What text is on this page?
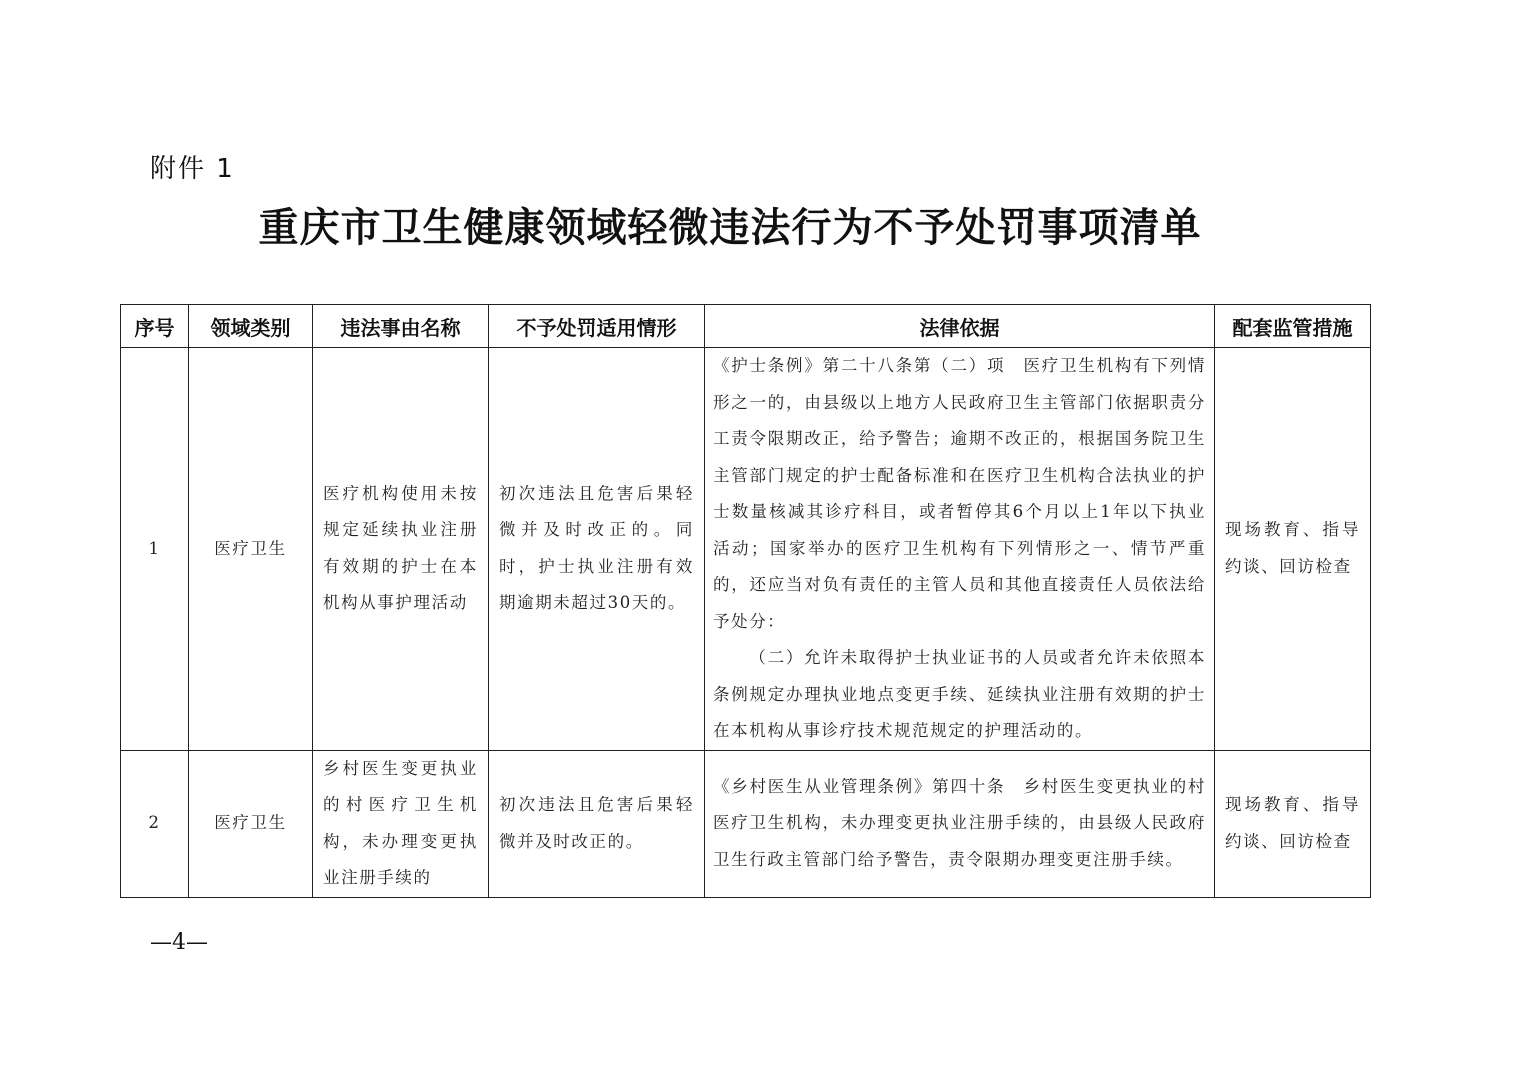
附件 1
重庆市卫生健康领域轻微违法行为不予处罚事项清单
序号	领域类别	违法事由名称	不予处罚适用情形	法律依据	配套监管措施
1	医疗卫生	医疗机构使用未按规定延续执业注册有效期的护士在本机构从事护理活动	初次违法且危害后果轻微并及时改正的。同时，护士执业注册有效期逾期未超过30天的。	《护士条例》第二十八条第（二）项　医疗卫生机构有下列情形之一的，由县级以上地方人民政府卫生主管部门依据职责分工责令限期改正，给予警告；逾期不改正的，根据国务院卫生主管部门规定的护士配备标准和在医疗卫生机构合法执业的护士数量核减其诊疗科目，或者暂停其6个月以上1年以下执业活动；国家举办的医疗卫生机构有下列情形之一、情节严重的，还应当对负有责任的主管人员和其他直接责任人员依法给予处分：
（二）允许未取得护士执业证书的人员或者允许未依照本条例规定办理执业地点变更手续、延续执业注册有效期的护士在本机构从事诊疗技术规范规定的护理活动的。	现场教育、指导约谈、回访检查
2	医疗卫生	乡村医生变更执业的村医疗卫生机构，未办理变更执业注册手续的	初次违法且危害后果轻微并及时改正的。	《乡村医生从业管理条例》第四十条　乡村医生变更执业的村医疗卫生机构，未办理变更执业注册手续的，由县级人民政府卫生行政主管部门给予警告，责令限期办理变更注册手续。	现场教育、指导约谈、回访检查
—4—
